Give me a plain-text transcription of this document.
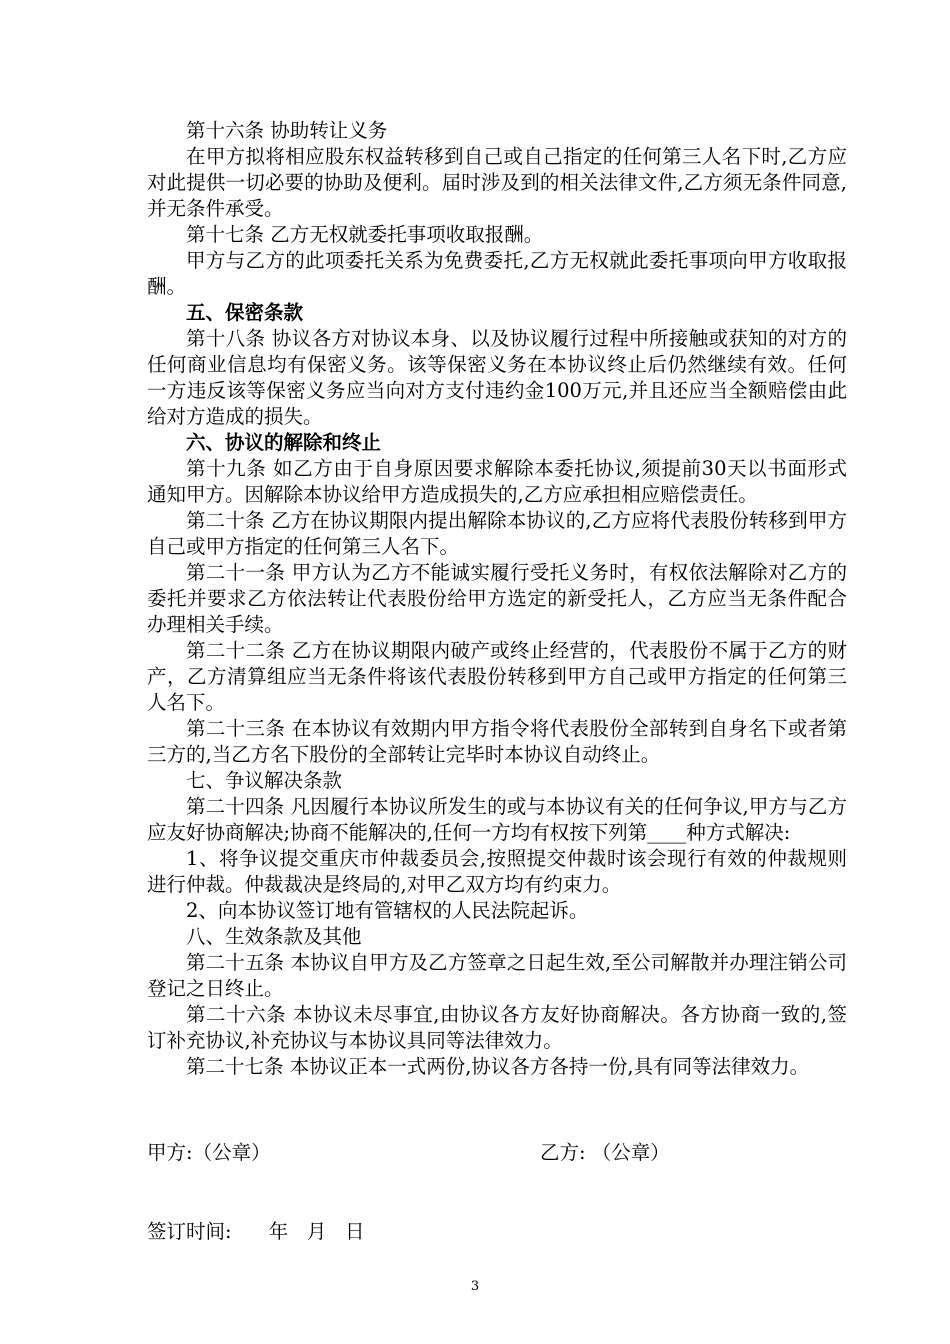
第十六条 协助转让义务

在甲方拟将相应股东权益转移到自己或自己指定的任何第三人名下时,乙方应对此提供一切必要的协助及便利。届时涉及到的相关法律文件,乙方须无条件同意,并无条件承受。

第十七条 乙方无权就委托事项收取报酬。

甲方与乙方的此项委托关系为免费委托,乙方无权就此委托事项向甲方收取报酬。

五、保密条款

第十八条 协议各方对协议本身、以及协议履行过程中所接触或获知的对方的任何商业信息均有保密义务。该等保密义务在本协议终止后仍然继续有效。任何一方违反该等保密义务应当向对方支付违约金100万元,并且还应当全额赔偿由此给对方造成的损失。

六、协议的解除和终止

第十九条 如乙方由于自身原因要求解除本委托协议,须提前30天以书面形式通知甲方。因解除本协议给甲方造成损失的,乙方应承担相应赔偿责任。

第二十条 乙方在协议期限内提出解除本协议的,乙方应将代表股份转移到甲方自己或甲方指定的任何第三人名下。

第二十一条 甲方认为乙方不能诚实履行受托义务时，有权依法解除对乙方的委托并要求乙方依法转让代表股份给甲方选定的新受托人，乙方应当无条件配合办理相关手续。

第二十二条 乙方在协议期限内破产或终止经营的，代表股份不属于乙方的财产，乙方清算组应当无条件将该代表股份转移到甲方自己或甲方指定的任何第三人名下。

第二十三条 在本协议有效期内甲方指令将代表股份全部转到自身名下或者第三方的,当乙方名下股份的全部转让完毕时本协议自动终止。

七、争议解决条款

第二十四条 凡因履行本协议所发生的或与本协议有关的任何争议,甲方与乙方应友好协商解决;协商不能解决的,任何一方均有权按下列第____种方式解决:

1、将争议提交重庆市仲裁委员会,按照提交仲裁时该会现行有效的仲裁规则进行仲裁。仲裁裁决是终局的,对甲乙双方均有约束力。

2、向本协议签订地有管辖权的人民法院起诉。

八、生效条款及其他

第二十五条 本协议自甲方及乙方签章之日起生效,至公司解散并办理注销公司登记之日终止。

第二十六条 本协议未尽事宜,由协议各方友好协商解决。各方协商一致的,签订补充协议,补充协议与本协议具同等法律效力。

第二十七条 本协议正本一式两份,协议各方各持一份,具有同等法律效力。

甲方:（公章）	乙方: （公章）
签订时间:      年   月   日
3
